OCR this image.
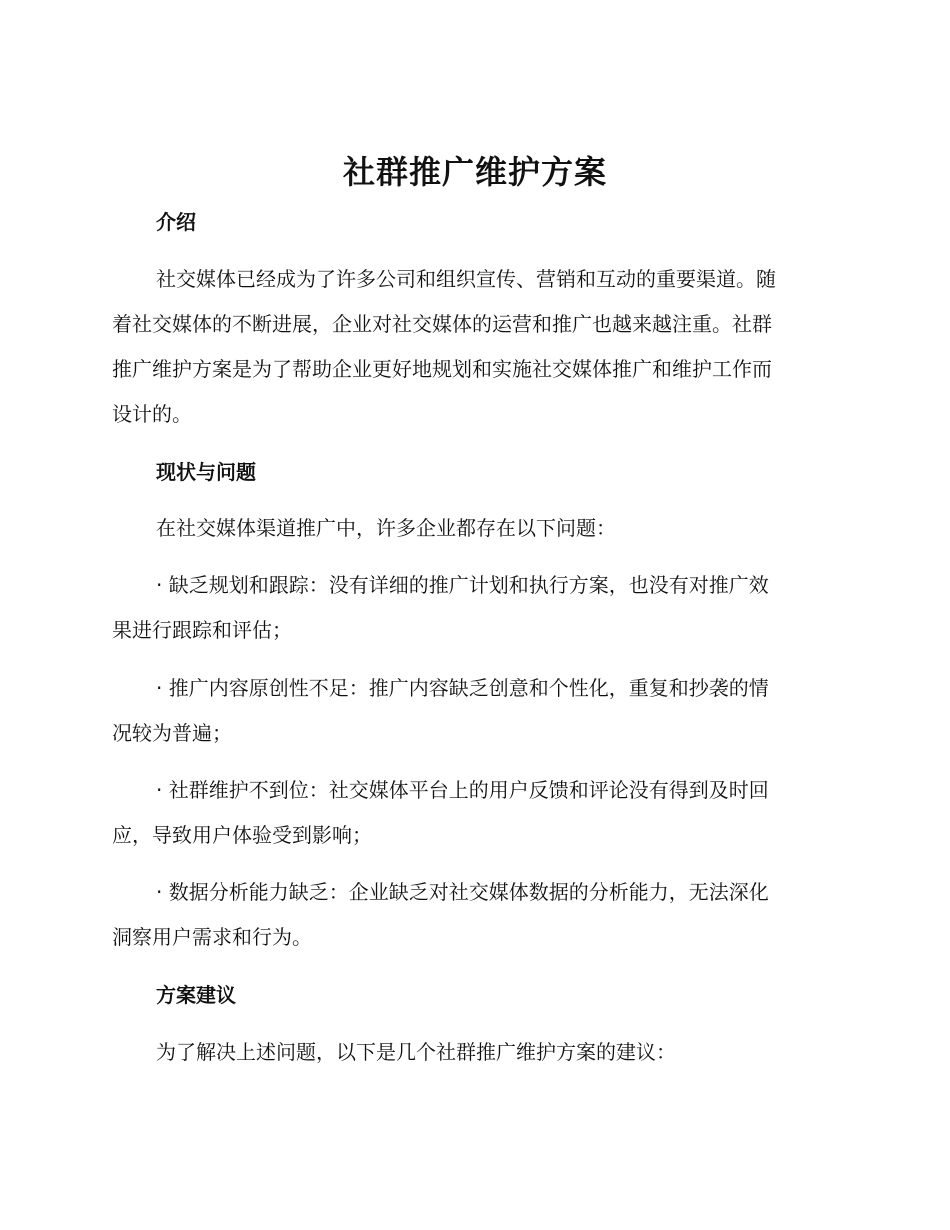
社群推广维护方案
介绍
社交媒体已经成为了许多公司和组织宣传、营销和互动的重要渠道。随
着社交媒体的不断进展，企业对社交媒体的运营和推广也越来越注重。社群
推广维护方案是为了帮助企业更好地规划和实施社交媒体推广和维护工作而
设计的。
现状与问题
在社交媒体渠道推广中，许多企业都存在以下问题：
· 缺乏规划和跟踪：没有详细的推广计划和执行方案，也没有对推广效
果进行跟踪和评估；
· 推广内容原创性不足：推广内容缺乏创意和个性化，重复和抄袭的情
况较为普遍；
· 社群维护不到位：社交媒体平台上的用户反馈和评论没有得到及时回
应，导致用户体验受到影响；
· 数据分析能力缺乏：企业缺乏对社交媒体数据的分析能力，无法深化
洞察用户需求和行为。
方案建议
为了解决上述问题，以下是几个社群推广维护方案的建议：
